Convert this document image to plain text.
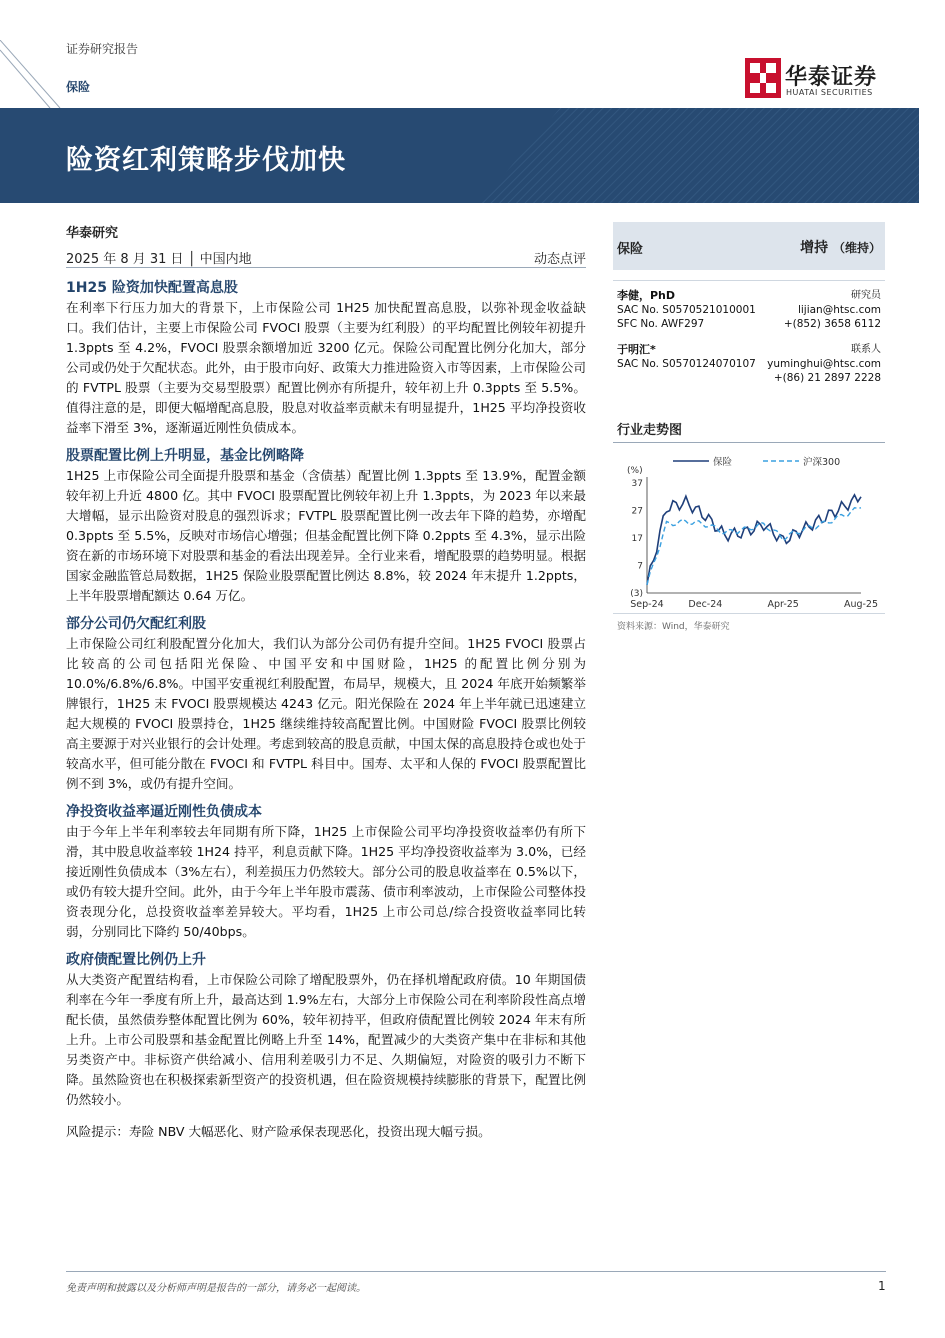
证券研究报告
保险	华泰证券
HUATAI SECURITIES
险资红利策略步伐加快
华泰研究
2025 年 8 月 31 日 │ 中国内地	动态点评
1H25 险资加快配置高息股
在利率下行压力加大的背景下，上市保险公司 1H25 加快配置高息股，以弥补现金收益缺口。我们估计，主要上市保险公司 FVOCI 股票（主要为红利股）的平均配置比例较年初提升 1.3ppts 至 4.2%，FVOCI 股票余额增加近 3200 亿元。保险公司配置比例分化加大，部分公司或仍处于欠配状态。此外，由于股市向好、政策大力推进险资入市等因素，上市保险公司的 FVTPL 股票（主要为交易型股票）配置比例亦有所提升，较年初上升 0.3ppts 至 5.5%。值得注意的是，即便大幅增配高息股，股息对收益率贡献未有明显提升，1H25 平均净投资收益率下滑至 3%，逐渐逼近刚性负债成本。
股票配置比例上升明显，基金比例略降
1H25 上市保险公司全面提升股票和基金（含债基）配置比例 1.3ppts 至 13.9%，配置金额较年初上升近 4800 亿。其中 FVOCI 股票配置比例较年初上升 1.3ppts，为 2023 年以来最大增幅，显示出险资对股息的强烈诉求；FVTPL 股票配置比例一改去年下降的趋势，亦增配 0.3ppts 至 5.5%，反映对市场信心增强；但基金配置比例下降 0.2ppts 至 4.3%，显示出险资在新的市场环境下对股票和基金的看法出现差异。全行业来看，增配股票的趋势明显。根据国家金融监管总局数据，1H25 保险业股票配置比例达 8.8%，较 2024 年末提升 1.2ppts，上半年股票增配额达 0.64 万亿。
部分公司仍欠配红利股
上市保险公司红利股配置分化加大，我们认为部分公司仍有提升空间。1H25 FVOCI 股票占比较高的公司包括阳光保险、中国平安和中国财险，1H25 的配置比例分别为 10.0%/6.8%/6.8%。中国平安重视红利股配置，布局早，规模大，且 2024 年底开始频繁举牌银行，1H25 末 FVOCI 股票规模达 4243 亿元。阳光保险在 2024 年上半年就已迅速建立起大规模的 FVOCI 股票持仓，1H25 继续维持较高配置比例。中国财险 FVOCI 股票比例较高主要源于对兴业银行的会计处理。考虑到较高的股息贡献，中国太保的高息股持仓或也处于较高水平，但可能分散在 FVOCI 和 FVTPL 科目中。国寿、太平和人保的 FVOCI 股票配置比例不到 3%，或仍有提升空间。
净投资收益率逼近刚性负债成本
由于今年上半年利率较去年同期有所下降，1H25 上市保险公司平均净投资收益率仍有所下滑，其中股息收益率较 1H24 持平，利息贡献下降。1H25 平均净投资收益率为 3.0%，已经接近刚性负债成本（3%左右），利差损压力仍然较大。部分公司的股息收益率在 0.5%以下，或仍有较大提升空间。此外，由于今年上半年股市震荡、债市利率波动，上市保险公司整体投资表现分化，总投资收益率差异较大。平均看，1H25 上市公司总/综合投资收益率同比转弱，分别同比下降约 50/40bps。
政府债配置比例仍上升
从大类资产配置结构看，上市保险公司除了增配股票外，仍在择机增配政府债。10 年期国债利率在今年一季度有所上升，最高达到 1.9%左右，大部分上市保险公司在利率阶段性高点增配长债，虽然债券整体配置比例为 60%，较年初持平，但政府债配置比例较 2024 年末有所上升。上市公司股票和基金配置比例略上升至 14%，配置减少的大类资产集中在非标和其他另类资产中。非标资产供给减小、信用利差吸引力不足、久期偏短，对险资的吸引力不断下降。虽然险资也在积极探索新型资产的投资机遇，但在险资规模持续膨胀的背景下，配置比例仍然较小。
风险提示：寿险 NBV 大幅恶化、财产险承保表现恶化，投资出现大幅亏损。
保险	增持 （维持）
李健，PhD	研究员
SAC No. S0570521010001	lijian@htsc.com
SFC No. AWF297	+(852) 3658 6112
于明汇*	联系人
SAC No. S0570124070107 yuminghui@htsc.com
+(86) 21 2897 2228
行业走势图
(%)
37
27
17
7
(3)
Sep-24	Dec-24	Apr-25	Aug-25
保险	沪深300
资料来源：Wind，华泰研究
免责声明和披露以及分析师声明是报告的一部分，请务必一起阅读。	1
